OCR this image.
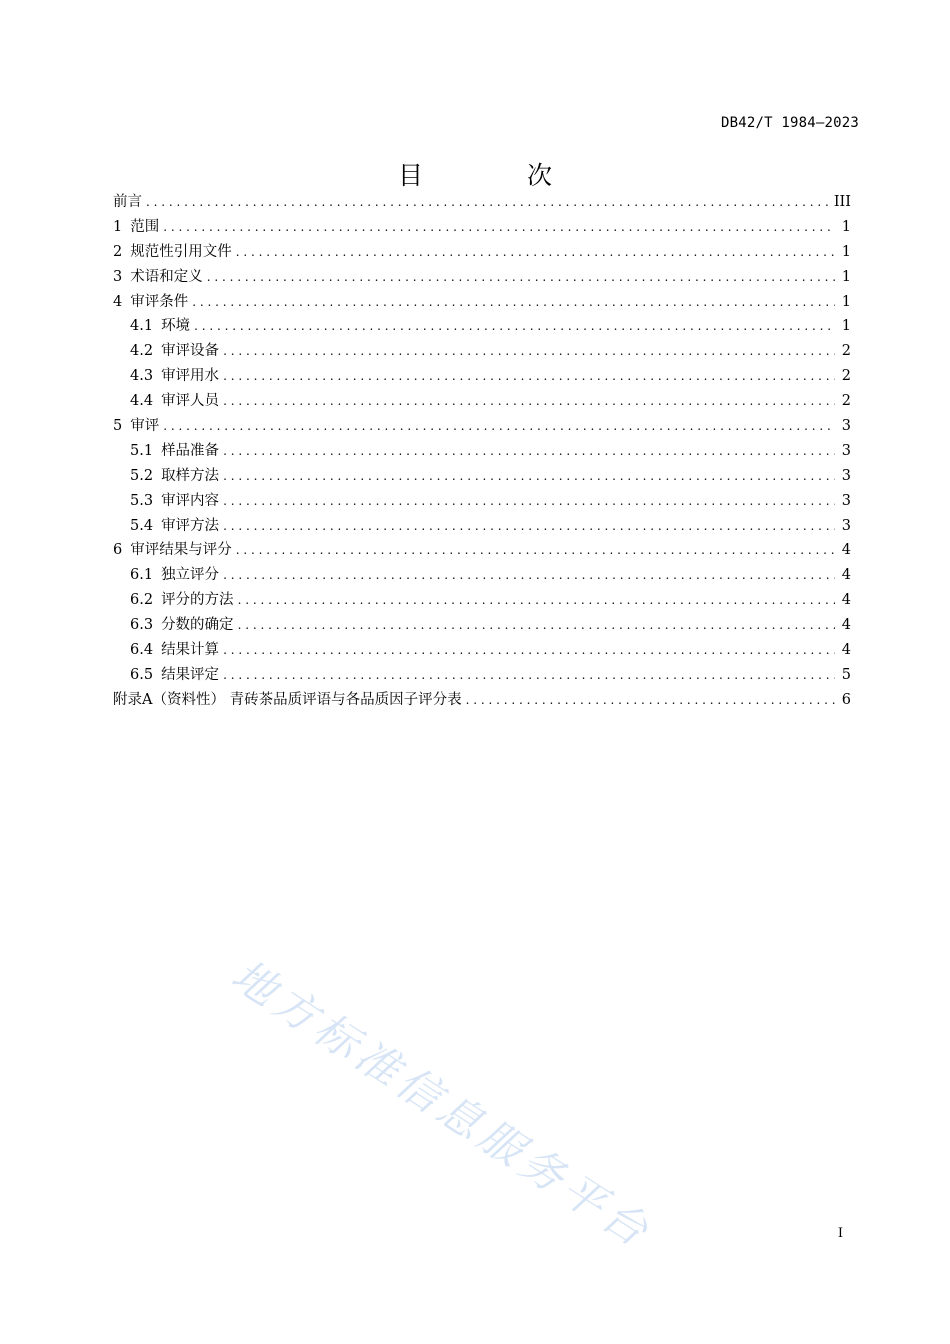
DB42/T 1984—2023
目 次
前言 . . .	III
1 范围 . . .	1
2 规范性引用文件 . . .	1
3 术语和定义 . . .	1
4 审评条件 . . .	1
4.1 环境 . . .	1
4.2 审评设备 . . .	2
4.3 审评用水 . . .	2
4.4 审评人员 . . .	2
5 审评 . . .	3
5.1 样品准备 . . .	3
5.2 取样方法 . . .	3
5.3 审评内容 . . .	3
5.4 审评方法 . . .	3
6 审评结果与评分 . . .	4
6.1 独立评分 . . .	4
6.2 评分的方法 . . .	4
6.3 分数的确定 . . .	4
6.4 结果计算 . . .	4
6.5 结果评定 . . .	5
附录A（资料性） 青砖茶品质评语与各品质因子评分表 . . .	6
地方标准信息服务平台	I
